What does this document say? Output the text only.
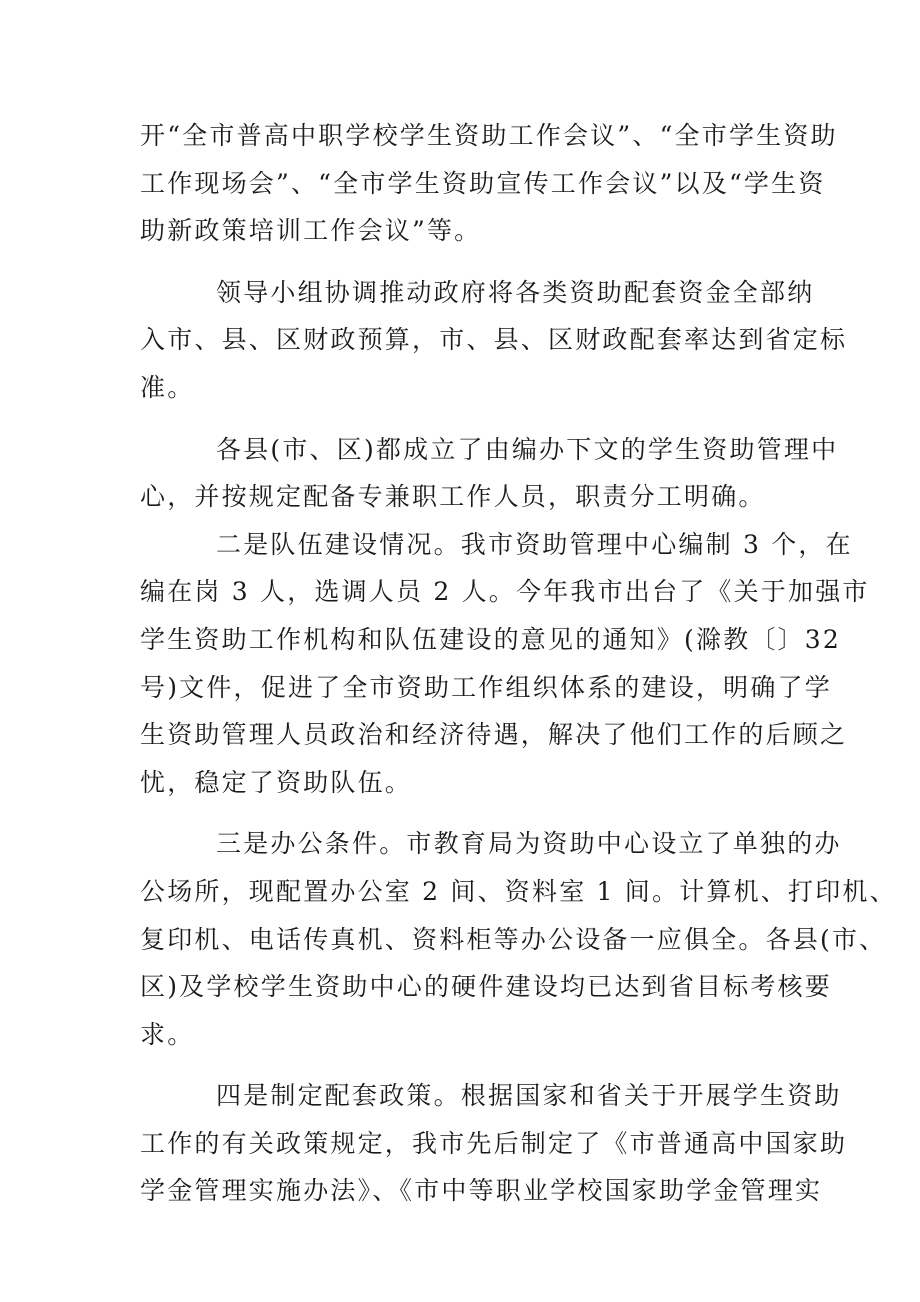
开“全市普高中职学校学生资助工作会议”、“全市学生资助
工作现场会”、“全市学生资助宣传工作会议”以及“学生资
助新政策培训工作会议”等。
领导小组协调推动政府将各类资助配套资金全部纳
入市、县、区财政预算，市、县、区财政配套率达到省定标
准。
各县(市、区)都成立了由编办下文的学生资助管理中
心，并按规定配备专兼职工作人员，职责分工明确。
二是队伍建设情况。我市资助管理中心编制 3 个，在
编在岗 3 人，选调人员 2 人。今年我市出台了《关于加强市
学生资助工作机构和队伍建设的意见的通知》(滁教〔〕32
号)文件，促进了全市资助工作组织体系的建设，明确了学
生资助管理人员政治和经济待遇，解决了他们工作的后顾之
忧，稳定了资助队伍。
三是办公条件。市教育局为资助中心设立了单独的办
公场所，现配置办公室 2 间、资料室 1 间。计算机、打印机、
复印机、电话传真机、资料柜等办公设备一应俱全。各县(市、
区)及学校学生资助中心的硬件建设均已达到省目标考核要
求。
四是制定配套政策。根据国家和省关于开展学生资助
工作的有关政策规定，我市先后制定了《市普通高中国家助
学金管理实施办法》、《市中等职业学校国家助学金管理实
